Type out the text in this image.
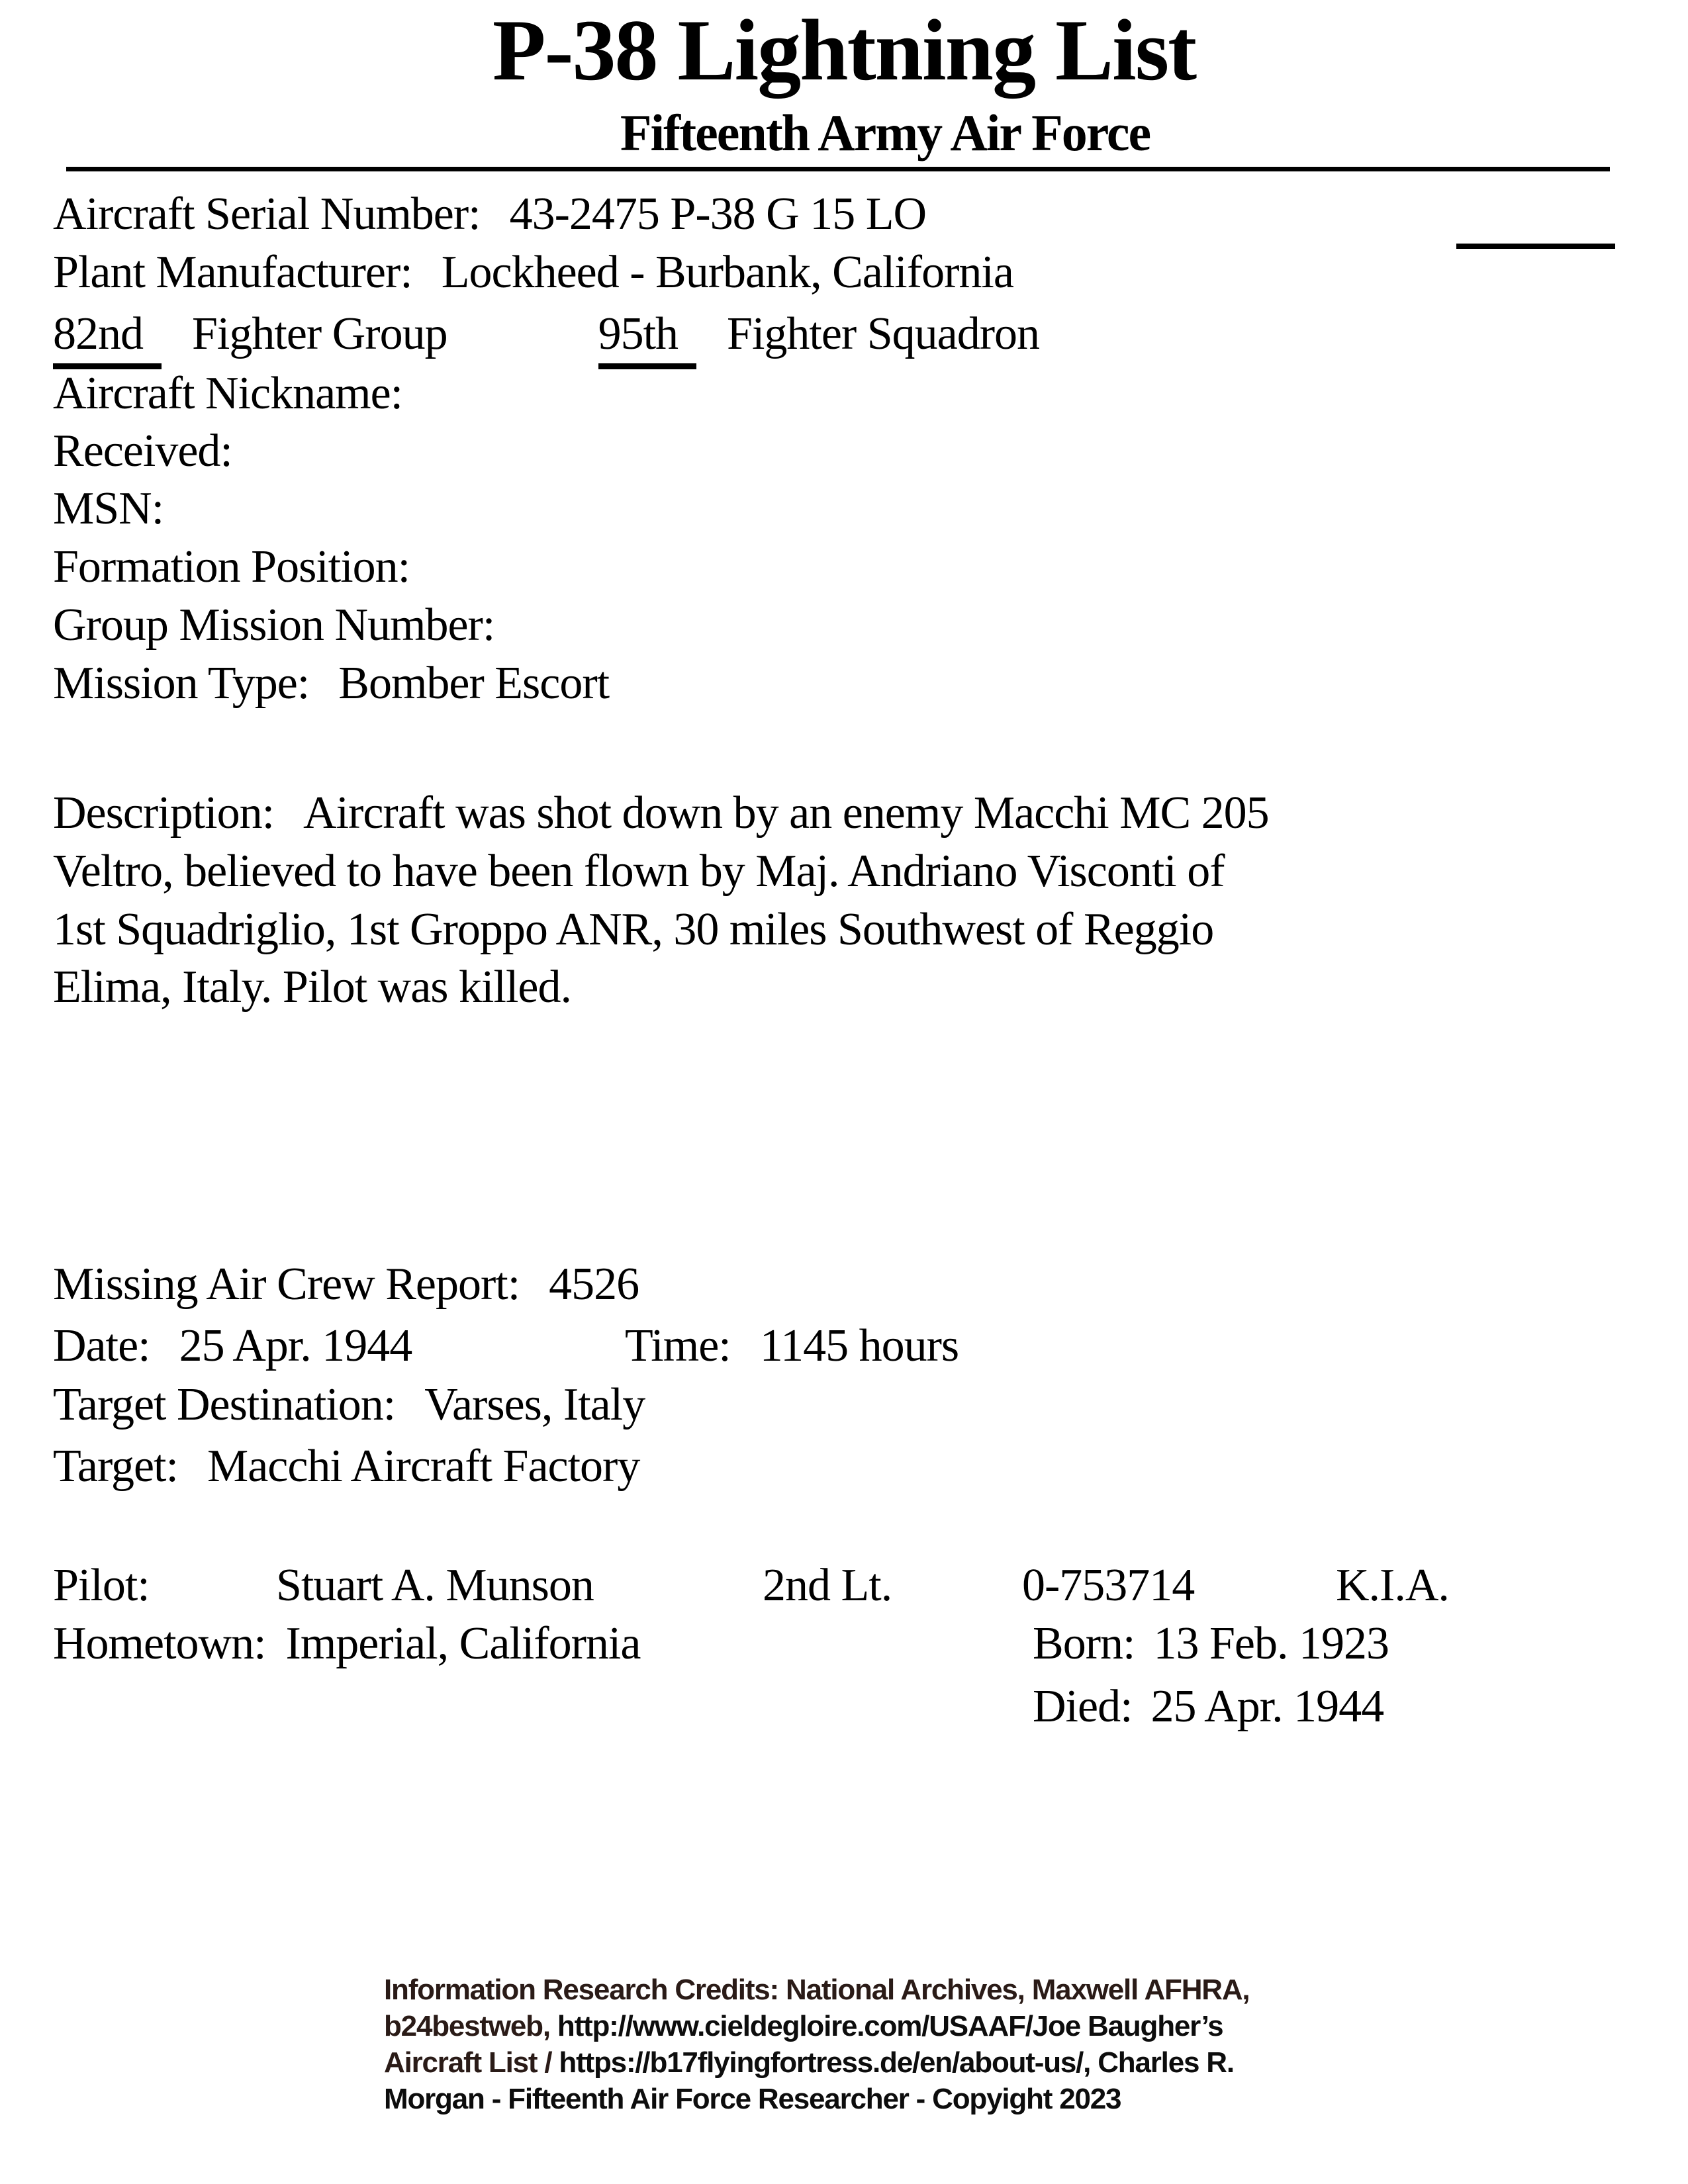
P-38 Lightning List
Fifteenth Army Air Force
Aircraft Serial Number: 43-2475 P-38 G 15 LO
Plant Manufacturer: Lockheed - Burbank, California
82nd Fighter Group	95th Fighter Squadron
Aircraft Nickname:
Received:
MSN:
Formation Position:
Group Mission Number:
Mission Type: Bomber Escort
Description: Aircraft was shot down by an enemy Macchi MC 205
Veltro, believed to have been flown by Maj. Andriano Visconti of
1st Squadriglio, 1st Groppo ANR, 30 miles Southwest of Reggio
Elima, Italy. Pilot was killed.
Missing Air Crew Report: 4526
Date: 25 Apr. 1944	Time: 1145 hours
Target Destination: Varses, Italy
Target: Macchi Aircraft Factory
Pilot:	Stuart A. Munson	2nd Lt.	0-753714	K.I.A.
Hometown: Imperial, California	Born: 13 Feb. 1923
Died: 25 Apr. 1944
Information Research Credits: National Archives, Maxwell AFHRA,
b24bestweb, http://www.cieldegloire.com/USAAF/Joe Baugher’s
Aircraft List / https://b17flyingfortress.de/en/about-us/, Charles R.
Morgan - Fifteenth Air Force Researcher - Copyight 2023
